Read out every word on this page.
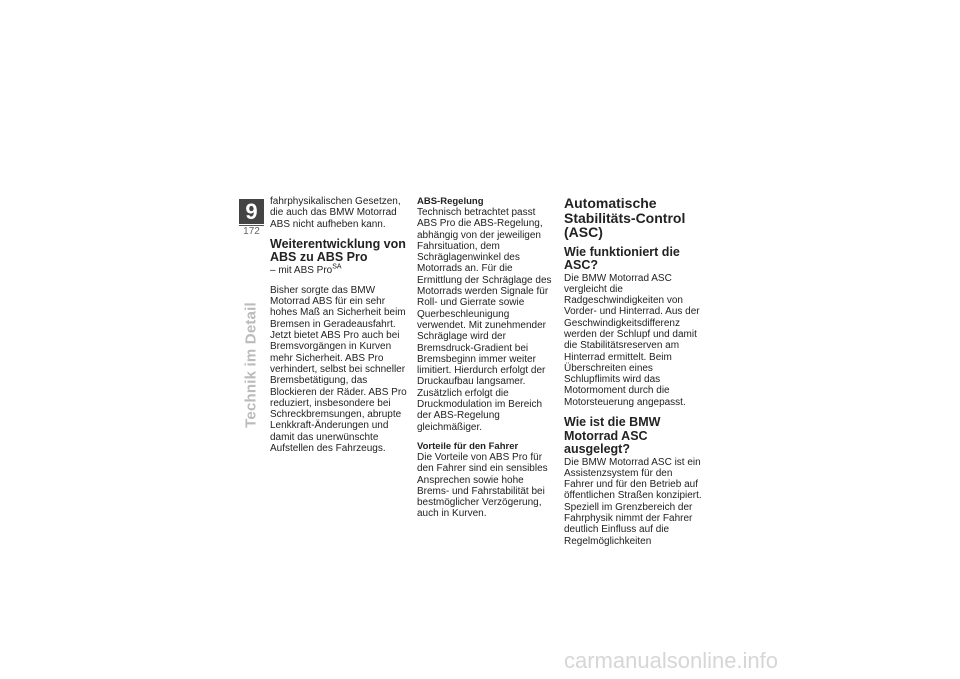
9
172
Technik im Detail

fahrphysikalischen Gesetzen, die auch das BMW Motorrad ABS nicht aufheben kann.

Weiterentwicklung von ABS zu ABS Pro
– mit ABS Pro$^{SA}$

Bisher sorgte das BMW Motorrad ABS für ein sehr hohes Maß an Sicherheit beim Bremsen in Geradeausfahrt. Jetzt bietet ABS Pro auch bei Bremsvorgängen in Kurven mehr Sicherheit. ABS Pro verhindert, selbst bei schneller Bremsbetätigung, das Blockieren der Räder. ABS Pro reduziert, insbesondere bei Schreckbremsungen, abrupte Lenkkraft-Änderungen und damit das unerwünschte Aufstellen des Fahrzeugs.

ABS-Regelung

Technisch betrachtet passt ABS Pro die ABS-Regelung, abhängig von der jeweiligen Fahrsituation, dem Schräglagenwinkel des Motorrads an. Für die Ermittlung der Schräglage des Motorrads werden Signale für Roll- und Gierrate sowie Querbeschleunigung verwendet. Mit zunehmender Schräglage wird der Bremsdruck-Gradient bei Bremsbeginn immer weiter limitiert. Hierdurch erfolgt der Druckaufbau langsamer. Zusätzlich erfolgt die Druckmodulation im Bereich der ABS-Regelung gleichmäßiger.

Vorteile für den Fahrer

Die Vorteile von ABS Pro für den Fahrer sind ein sensibles Ansprechen sowie hohe Brems- und Fahrstabilität bei bestmöglicher Verzögerung, auch in Kurven.

Automatische Stabilitäts-Control (ASC)
Wie funktioniert die ASC?

Die BMW Motorrad ASC vergleicht die Radgeschwindigkeiten von Vorder- und Hinterrad. Aus der Geschwindigkeitsdifferenz werden der Schlupf und damit die Stabilitätsreserven am Hinterrad ermittelt. Beim Überschreiten eines Schlupflimits wird das Motormoment durch die Motorsteuerung angepasst.

Wie ist die BMW Motorrad ASC ausgelegt?

Die BMW Motorrad ASC ist ein Assistenzsystem für den Fahrer und für den Betrieb auf öffentlichen Straßen konzipiert. Speziell im Grenzbereich der Fahrphysik nimmt der Fahrer deutlich Einfluss auf die Regelmöglichkeiten

carmanualsonline.info
